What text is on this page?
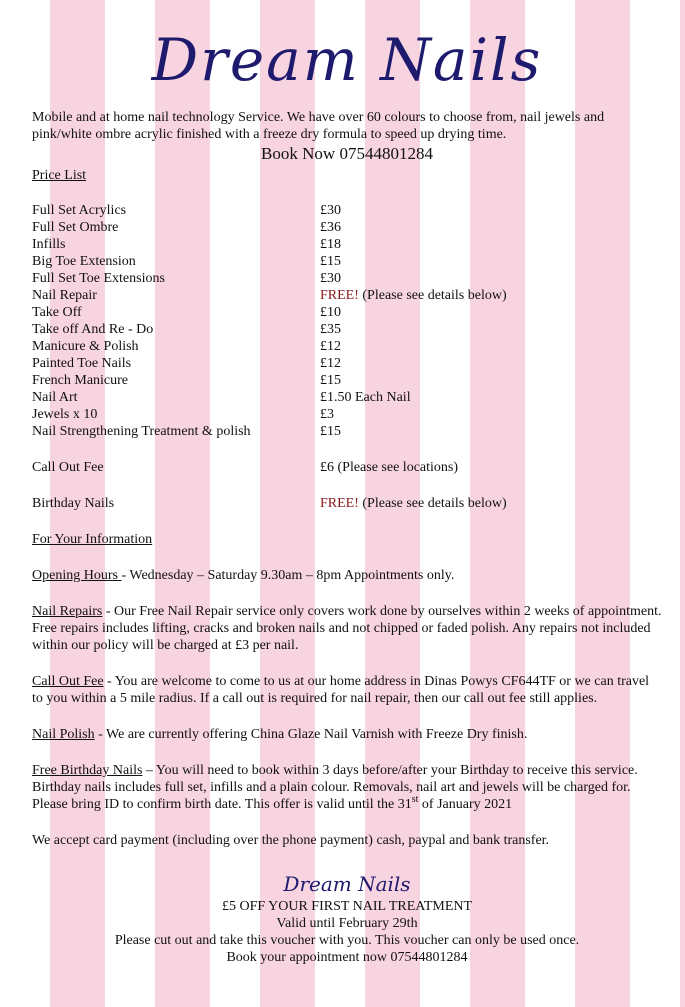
Dream Nails

Mobile and at home nail technology Service. We have over 60 colours to choose from, nail jewels and pink/white ombre acrylic finished with a freeze dry formula to speed up drying time.

Book Now 07544801284

Price List

Full Set Acrylics	£30
Full Set Ombre	£36
Infills	£18
Big Toe Extension	£15
Full Set Toe Extensions	£30
Nail Repair	FREE! (Please see details below)
Take Off	£10
Take off And Re - Do	£35
Manicure & Polish	£12
Painted Toe Nails	£12
French Manicure	£15
Nail Art	£1.50 Each Nail
Jewels x 10	£3
Nail Strengthening Treatment & polish	£15
Call Out Fee	£6 (Please see locations)
Birthday Nails	FREE! (Please see details below)

For Your Information

Opening Hours - Wednesday – Saturday 9.30am – 8pm Appointments only.

Nail Repairs - Our Free Nail Repair service only covers work done by ourselves within 2 weeks of appointment. Free repairs includes lifting, cracks and broken nails and not chipped or faded polish. Any repairs not included within our policy will be charged at £3 per nail.

Call Out Fee - You are welcome to come to us at our home address in Dinas Powys CF644TF or we can travel to you within a 5 mile radius. If a call out is required for nail repair, then our call out fee still applies.

Nail Polish - We are currently offering China Glaze Nail Varnish with Freeze Dry finish.

Free Birthday Nails – You will need to book within 3 days before/after your Birthday to receive this service. Birthday nails includes full set, infills and a plain colour. Removals, nail art and jewels will be charged for. Please bring ID to confirm birth date. This offer is valid until the 31st of January 2021

We accept card payment (including over the phone payment) cash, paypal and bank transfer.

Dream Nails

£5 OFF YOUR FIRST NAIL TREATMENT

Valid until February 29th

Please cut out and take this voucher with you. This voucher can only be used once.

Book your appointment now 07544801284
